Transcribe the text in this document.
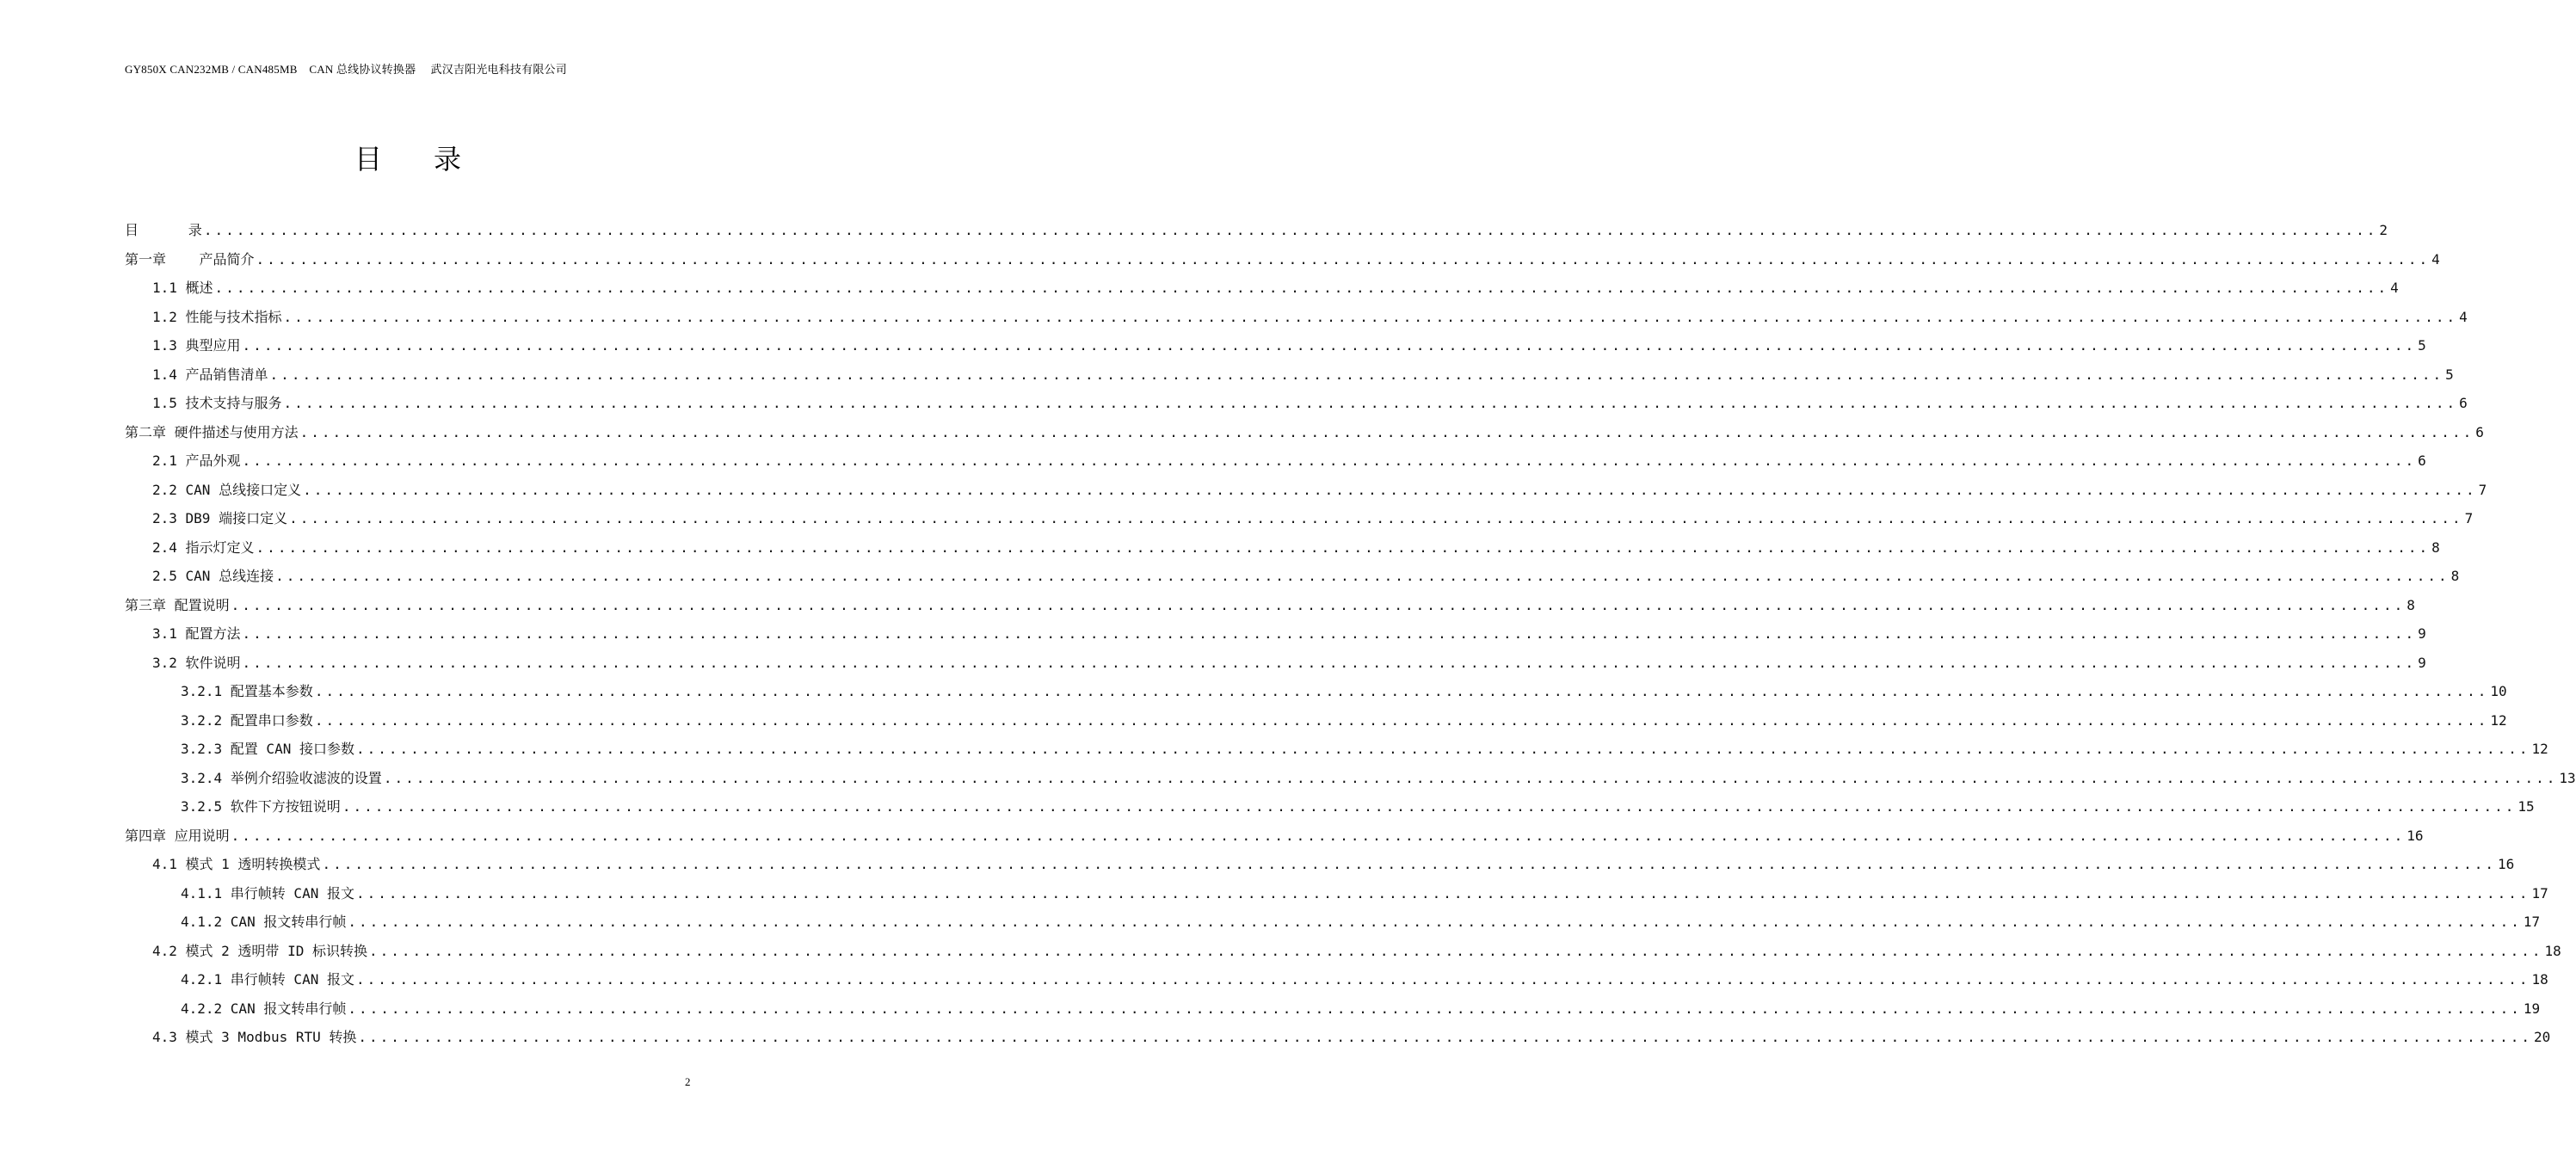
GY850X CAN232MB / CAN485MB    CAN 总线协议转换器     武汉吉阳光电科技有限公司
目 录
目      录 ........................................................................................................................................................................................................ 2
第一章    产品简介 ........................................................................................................................................................................................................ 4
1.1 概述 ........................................................................................................................................................................................................ 4
1.2 性能与技术指标 ........................................................................................................................................................................................................ 4
1.3 典型应用 ........................................................................................................................................................................................................ 5
1.4 产品销售清单 ........................................................................................................................................................................................................ 5
1.5 技术支持与服务 ........................................................................................................................................................................................................ 6
第二章 硬件描述与使用方法 ........................................................................................................................................................................................................ 6
2.1 产品外观 ........................................................................................................................................................................................................ 6
2.2 CAN 总线接口定义 ........................................................................................................................................................................................................ 7
2.3 DB9 端接口定义 ........................................................................................................................................................................................................ 7
2.4 指示灯定义 ........................................................................................................................................................................................................ 8
2.5 CAN 总线连接 ........................................................................................................................................................................................................ 8
第三章 配置说明 ........................................................................................................................................................................................................ 8
3.1 配置方法 ........................................................................................................................................................................................................ 9
3.2 软件说明 ........................................................................................................................................................................................................ 9
3.2.1 配置基本参数 ........................................................................................................................................................................................................ 10
3.2.2 配置串口参数 ........................................................................................................................................................................................................ 12
3.2.3 配置 CAN 接口参数 ........................................................................................................................................................................................................ 12
3.2.4 举例介绍验收滤波的设置 ........................................................................................................................................................................................................ 13
3.2.5 软件下方按钮说明 ........................................................................................................................................................................................................ 15
第四章 应用说明 ........................................................................................................................................................................................................ 16
4.1 模式 1 透明转换模式 ........................................................................................................................................................................................................ 16
4.1.1 串行帧转 CAN 报文 ........................................................................................................................................................................................................ 17
4.1.2 CAN 报文转串行帧 ........................................................................................................................................................................................................ 17
4.2 模式 2 透明带 ID 标识转换 ........................................................................................................................................................................................................ 18
4.2.1 串行帧转 CAN 报文 ........................................................................................................................................................................................................ 18
4.2.2 CAN 报文转串行帧 ........................................................................................................................................................................................................ 19
4.3 模式 3 Modbus RTU 转换 ........................................................................................................................................................................................................ 20
2
